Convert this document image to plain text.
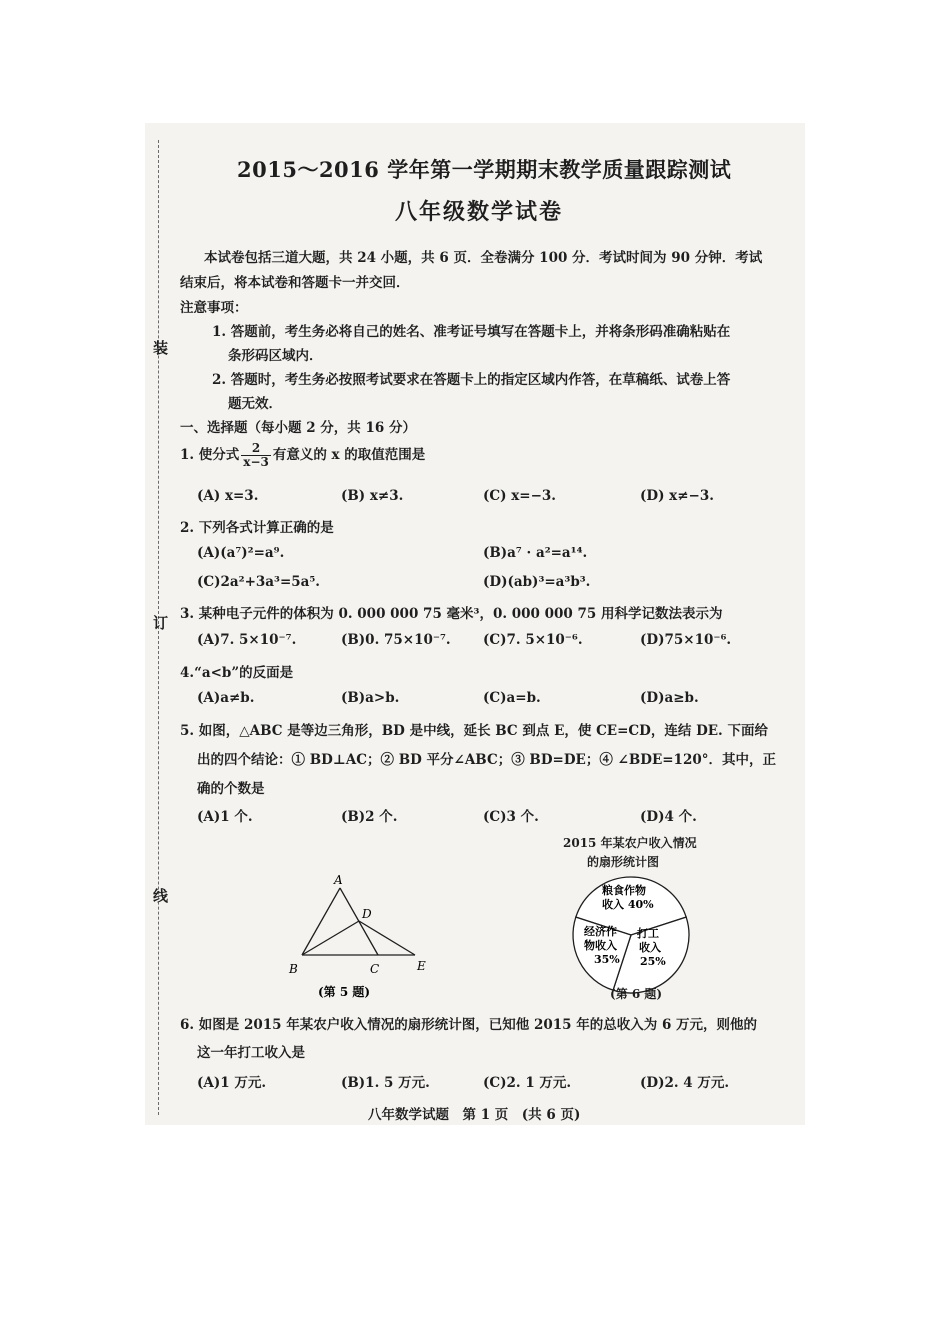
装
订
线
2015～2016 学年第一学期期末教学质量跟踪测试
八年级数学试卷
本试卷包括三道大题，共 24 小题，共 6 页．全卷满分 100 分．考试时间为 90 分钟．考试
结束后，将本试卷和答题卡一并交回．
注意事项：
1. 答题前，考生务必将自己的姓名、准考证号填写在答题卡上，并将条形码准确粘贴在
条形码区域内．
2. 答题时，考生务必按照考试要求在答题卡上的指定区域内作答，在草稿纸、试卷上答
题无效．
一、选择题（每小题 2 分，共 16 分）
1. 使分式 $\frac{2}{x-3}$ 有意义的 x 的取值范围是
(A) x=3.	(B) x≠3.	(C) x=−3.	(D) x≠−3.
2. 下列各式计算正确的是
(A)(a⁷)²=a⁹.	(B)a⁷ · a²=a¹⁴.
(C)2a²+3a³=5a⁵.	(D)(ab)³=a³b³.
3. 某种电子元件的体积为 0. 000 000 75 毫米³，0. 000 000 75 用科学记数法表示为
(A)7. 5×10⁻⁷.	(B)0. 75×10⁻⁷. (C)7. 5×10⁻⁶.	(D)75×10⁻⁶.
4.“a<b”的反面是
(A)a≠b.	(B)a>b.	(C)a=b.	(D)a≥b.
5. 如图，△ABC 是等边三角形，BD 是中线，延长 BC 到点 E，使 CE=CD，连结 DE. 下面给
出的四个结论：① BD⊥AC；② BD 平分∠ABC；③ BD=DE；④ ∠BDE=120°．其中，正
确的个数是
(A)1 个.	(B)2 个.	(C)3 个.	(D)4 个.
A
B	C
D
E
(第 5 题)
2015 年某农户收入情况
的扇形统计图
粮食作物
收入 40%
经济作
物收入
35%
打工
收入
25%
(第 6 题)
6. 如图是 2015 年某农户收入情况的扇形统计图，已知他 2015 年的总收入为 6 万元，则他的
这一年打工收入是
(A)1 万元.	(B)1. 5 万元.	(C)2. 1 万元.	(D)2. 4 万元.
八年数学试题　第 1 页　(共 6 页)
